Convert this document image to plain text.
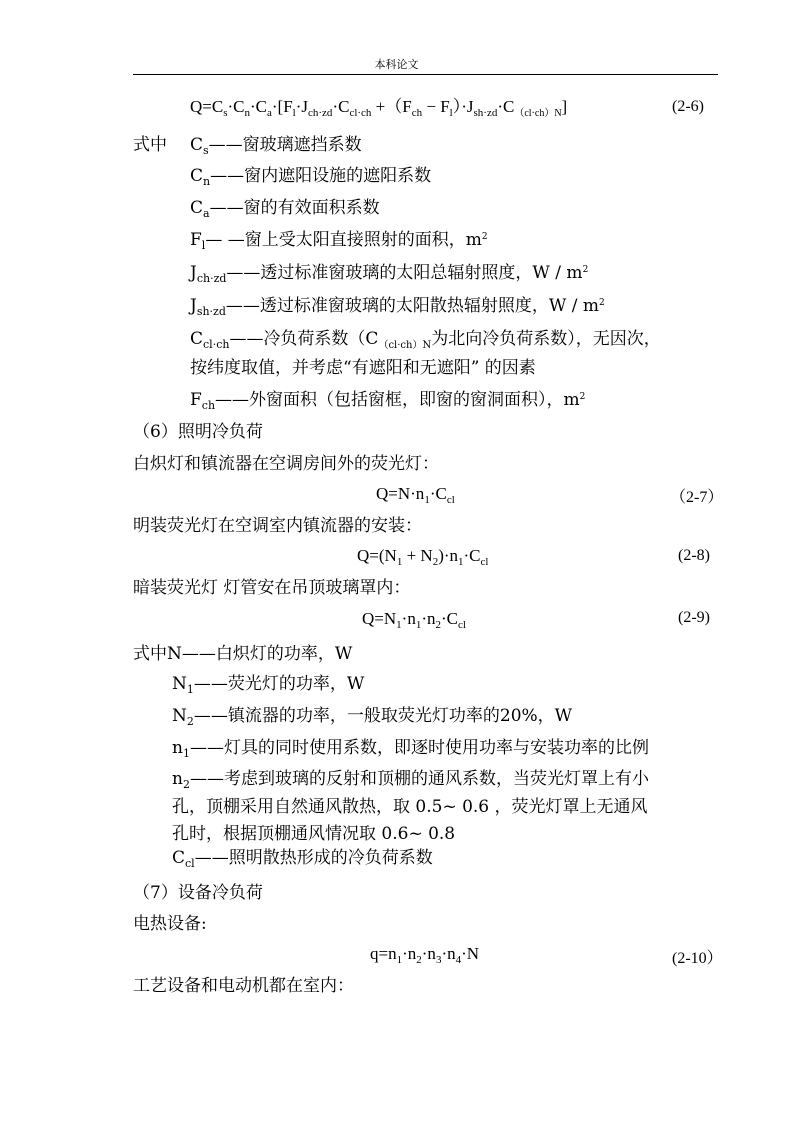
本科论文
$Q=C_s\cdot C_n\cdot C_a\cdot[F_l\cdot J_{ch\cdot zd}\cdot C_{cl\cdot ch} +(F_{ch} - F_l)\cdot J_{sh\cdot zd}\cdot C_{(cl\cdot ch)N}]$	(2-6)
式中 $C_s——$窗玻璃遮挡系数
$C_n——$窗内遮阳设施的遮阳系数
$C_a——$窗的有效面积系数
$F_l—$ —窗上受太阳直接照射的面积，$m^2$
$J_{ch\cdot zd}——$透过标准窗玻璃的太阳总辐射照度，W / $m^2$
$J_{sh\cdot zd}——$透过标准窗玻璃的太阳散热辐射照度，W / $m^2$
$C_{cl\cdot ch}——$冷负荷系数（$C_{(cl\cdot ch)N}$为北向冷负荷系数），无因次，
按纬度取值，并考虑“有遮阳和无遮阳” 的因素
$F_{ch}——$外窗面积（包括窗框，即窗的窗洞面积），$m^2$
（6）照明冷负荷
白炽灯和镇流器在空调房间外的荧光灯：
$Q=N\cdot n_1\cdot C_{cl}$	（2-7）
明装荧光灯在空调室内镇流器的安装：
$Q=(N_1 + N_2)\cdot n_1\cdot C_{cl}$	(2-8)
暗装荧光灯 灯管安在吊顶玻璃罩内：
$Q=N_1\cdot n_1\cdot n_2\cdot C_{cl}$	(2-9)
式中N——白炽灯的功率，W
$N_1——$荧光灯的功率，W
$N_2——$镇流器的功率，一般取荧光灯功率的20%，W
$n_1——$灯具的同时使用系数，即逐时使用功率与安装功率的比例
$n_2——$考虑到玻璃的反射和顶棚的通风系数，当荧光灯罩上有小
孔，顶棚采用自然通风散热，取 0.5~ 0.6 ，荧光灯罩上无通风
孔时，根据顶棚通风情况取 0.6~ 0.8
$C_{cl}——$照明散热形成的冷负荷系数
（7）设备冷负荷
电热设备:
$q=n_1\cdot n_2\cdot n_3\cdot n_4\cdot N$	(2-10）
工艺设备和电动机都在室内：
